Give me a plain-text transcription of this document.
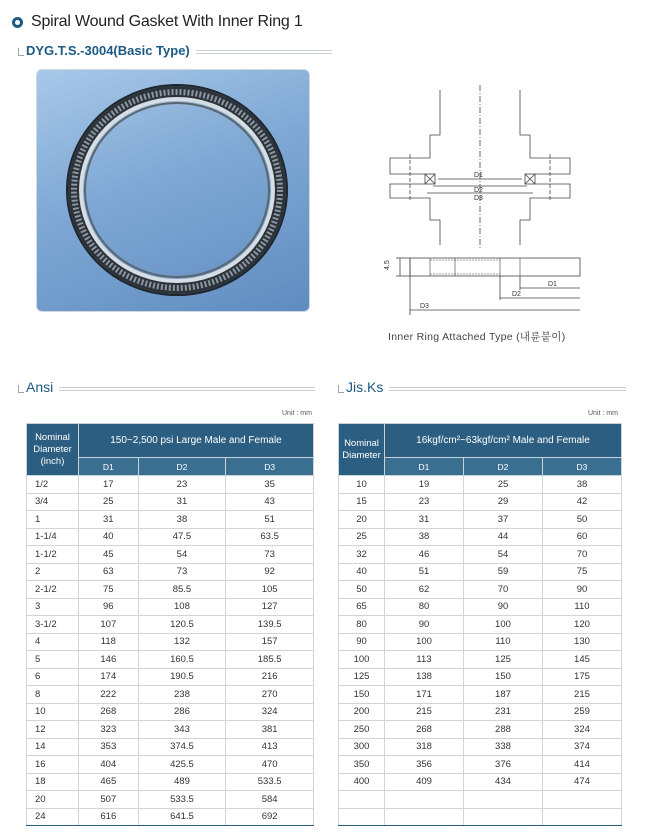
Spiral Wound Gasket With Inner Ring 1
DYG.T.S.-3004(Basic Type)
D1
D2
D3
D1
D2
D3
4.5
Inner Ring Attached Type (내륜붙이)
Ansi	Jis.Ks
Unit : mm	Unit : mm
Nominal
Diameter
(inch)	150~2,500 psi Large Male and Female		
	D1	D2	D3
1/2	17	23	35
3/4	25	31	43
1	31	38	51
1-1/4	40	47.5	63.5
1-1/2	45	54	73
2	63	73	92
2-1/2	75	85.5	105
3	96	108	127
3-1/2	107	120.5	139.5
4	118	132	157
5	146	160.5	185.5
6	174	190.5	216
8	222	238	270
10	268	286	324
12	323	343	381
14	353	374.5	413
16	404	425.5	470
18	465	489	533.5
20	507	533.5	584
24	616	641.5	692
Nominal
Diameter	16kgf/cm²~63kgf/cm² Male and Female		
	D1	D2	D3
10	19	25	38
15	23	29	42
20	31	37	50
25	38	44	60
32	46	54	70
40	51	59	75
50	62	70	90
65	80	90	110
80	90	100	120
90	100	110	130
100	113	125	145
125	138	150	175
150	171	187	215
200	215	231	259
250	268	288	324
300	318	338	374
350	356	376	414
400	409	434	474
